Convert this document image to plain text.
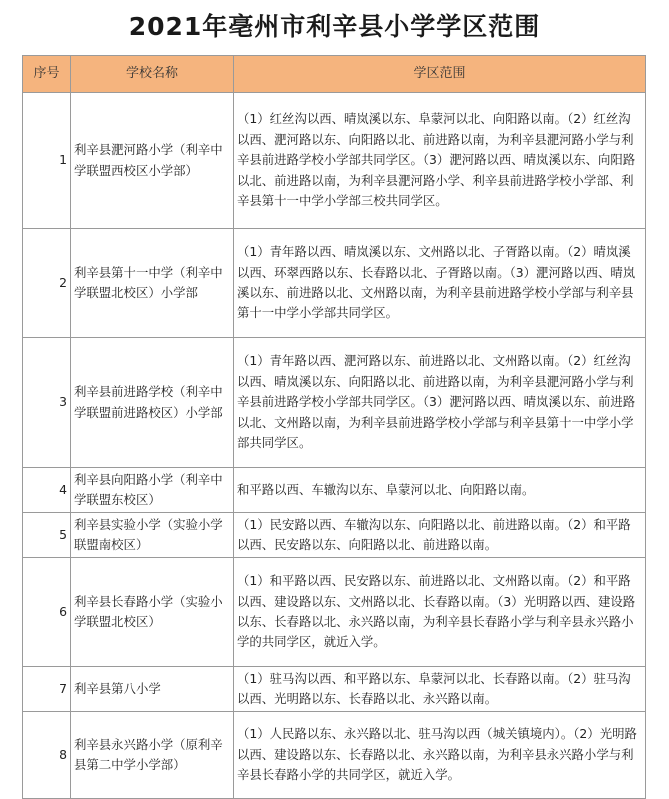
2021年亳州市利辛县小学学区范围
序号	学校名称	学区范围
1	利辛县淝河路小学（利辛中学联盟西校区小学部）	（1）红丝沟以西、晴岚溪以东、阜蒙河以北、向阳路以南。（2）红丝沟以西、淝河路以东、向阳路以北、前进路以南，为利辛县淝河路小学与利辛县前进路学校小学部共同学区。（3）淝河路以西、晴岚溪以东、向阳路以北、前进路以南，为利辛县淝河路小学、利辛县前进路学校小学部、利辛县第十一中学小学部三校共同学区。
2	利辛县第十一中学（利辛中学联盟北校区）小学部	（1）青年路以西、晴岚溪以东、文州路以北、子胥路以南。（2）晴岚溪以西、环翠西路以东、长春路以北、子胥路以南。（3）淝河路以西、晴岚溪以东、前进路以北、文州路以南，为利辛县前进路学校小学部与利辛县第十一中学小学部共同学区。
3	利辛县前进路学校（利辛中学联盟前进路校区）小学部	（1）青年路以西、淝河路以东、前进路以北、文州路以南。（2）红丝沟以西、晴岚溪以东、向阳路以北、前进路以南，为利辛县淝河路小学与利辛县前进路学校小学部共同学区。（3）淝河路以西、晴岚溪以东、前进路以北、文州路以南，为利辛县前进路学校小学部与利辛县第十一中学小学部共同学区。
4	利辛县向阳路小学（利辛中学联盟东校区）	和平路以西、车辙沟以东、阜蒙河以北、向阳路以南。
5	利辛县实验小学（实验小学联盟南校区）	（1）民安路以西、车辙沟以东、向阳路以北、前进路以南。（2）和平路以西、民安路以东、向阳路以北、前进路以南。
6	利辛县长春路小学（实验小学联盟北校区）	（1）和平路以西、民安路以东、前进路以北、文州路以南。（2）和平路以西、建设路以东、文州路以北、长春路以南。（3）光明路以西、建设路以东、长春路以北、永兴路以南，为利辛县长春路小学与利辛县永兴路小学的共同学区，就近入学。
7	利辛县第八小学	（1）驻马沟以西、和平路以东、阜蒙河以北、长春路以南。（2）驻马沟以西、光明路以东、长春路以北、永兴路以南。
8	利辛县永兴路小学（原利辛县第二中学小学部）	（1）人民路以东、永兴路以北、驻马沟以西（城关镇境内）。（2）光明路以西、建设路以东、长春路以北、永兴路以南，为利辛县永兴路小学与利辛县长春路小学的共同学区，就近入学。
